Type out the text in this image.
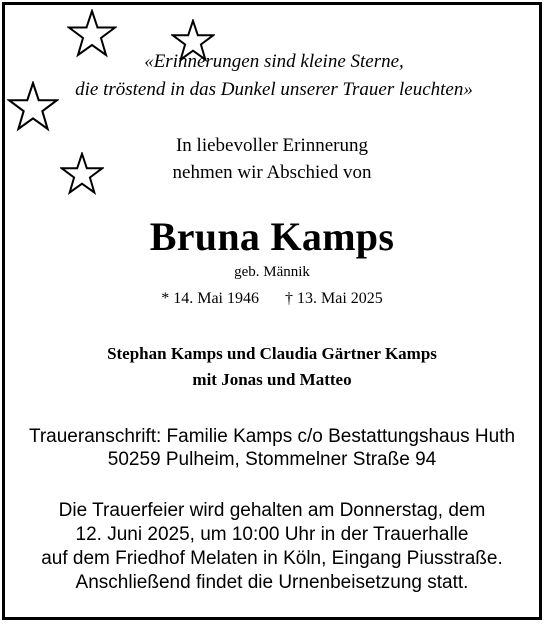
«Erinnerungen sind kleine Sterne,
die tröstend in das Dunkel unserer Trauer leuchten»
In liebevoller Erinnerung
nehmen wir Abschied von
Bruna Kamps
geb. Männik
* 14. Mai 1946 † 13. Mai 2025
Stephan Kamps und Claudia Gärtner Kamps
mit Jonas und Matteo
Traueranschrift: Familie Kamps c/o Bestattungshaus Huth
50259 Pulheim, Stommelner Straße 94
Die Trauerfeier wird gehalten am Donnerstag, dem
12. Juni 2025, um 10:00 Uhr in der Trauerhalle
auf dem Friedhof Melaten in Köln, Eingang Piusstraße.
Anschließend findet die Urnenbeisetzung statt.
